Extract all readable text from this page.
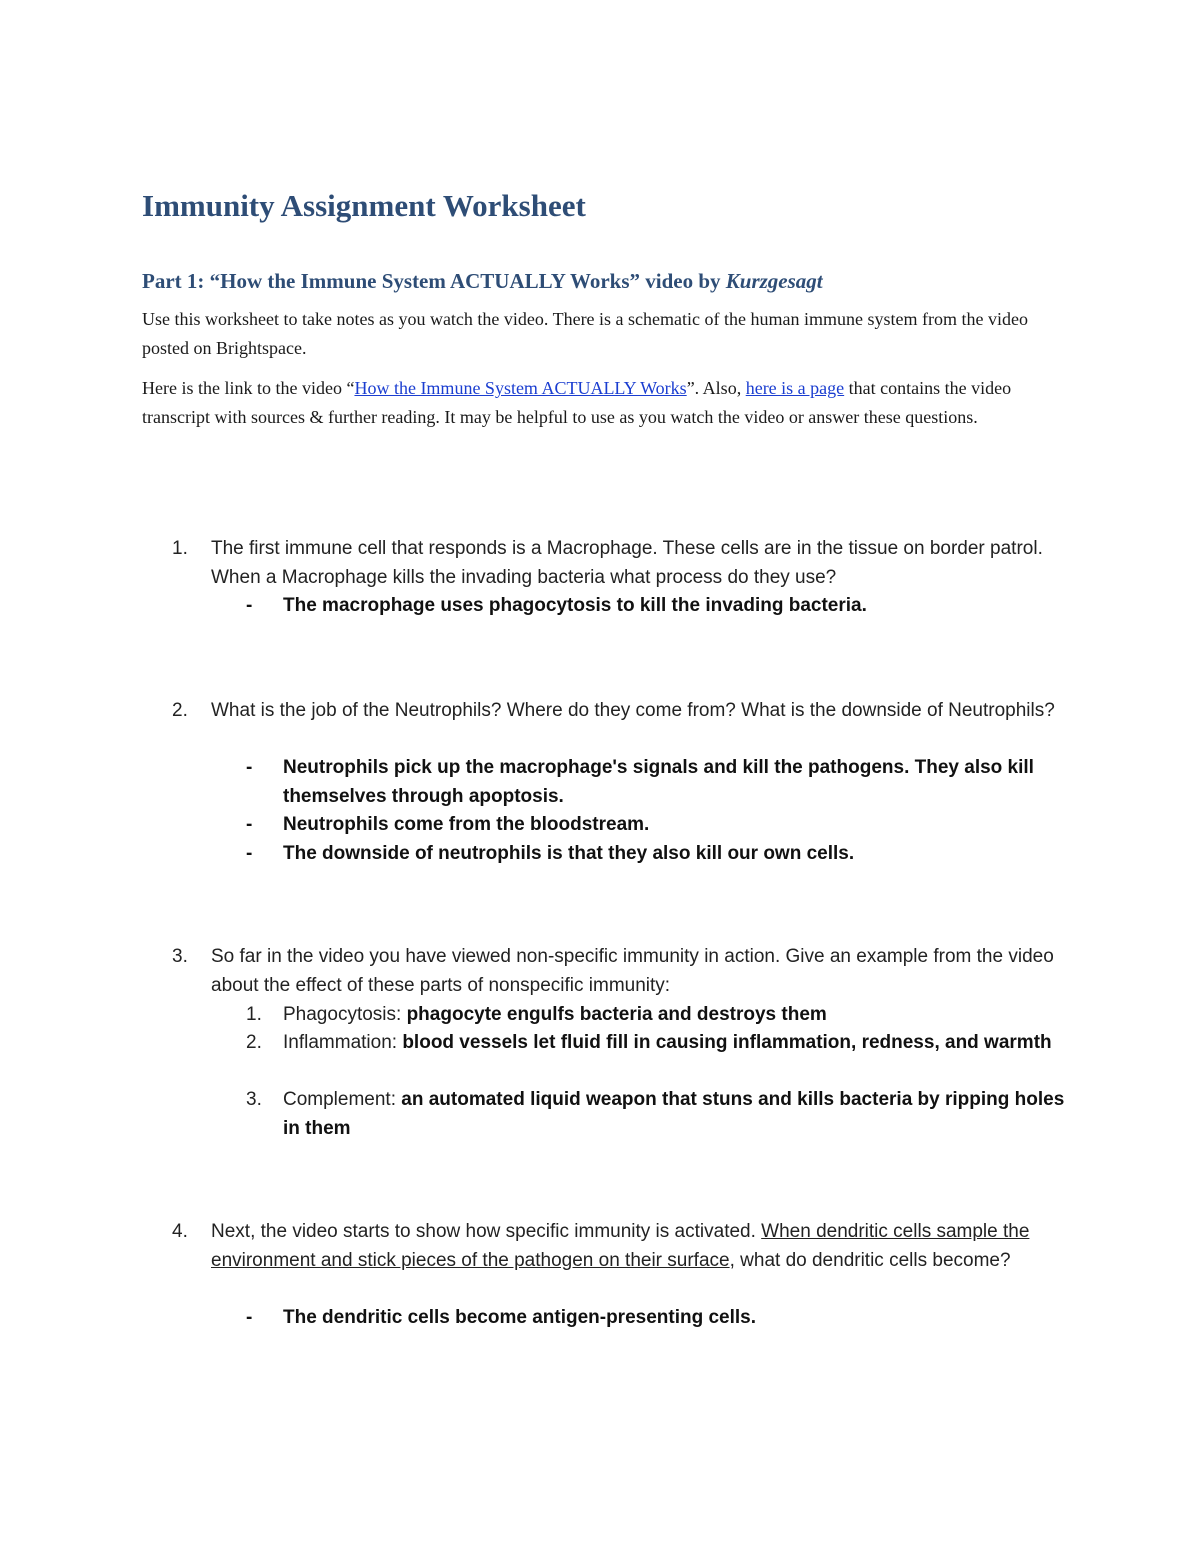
Immunity Assignment Worksheet
Part 1: “How the Immune System ACTUALLY Works” video by Kurzgesagt

Use this worksheet to take notes as you watch the video. There is a schematic of the human immune system from the video posted on Brightspace.

Here is the link to the video “How the Immune System ACTUALLY Works”. Also, here is a page that contains the video transcript with sources & further reading. It may be helpful to use as you watch the video or answer these questions.

1. The first immune cell that responds is a Macrophage. These cells are in the tissue on border patrol. When a Macrophage kills the invading bacteria what process do they use?

- The macrophage uses phagocytosis to kill the invading bacteria.

2. What is the job of the Neutrophils? Where do they come from? What is the downside of Neutrophils?

- Neutrophils pick up the macrophage's signals and kill the pathogens. They also kill themselves through apoptosis.

- Neutrophils come from the bloodstream.

- The downside of neutrophils is that they also kill our own cells.

3. So far in the video you have viewed non-specific immunity in action. Give an example from the video about the effect of these parts of nonspecific immunity:

1. Phagocytosis: phagocyte engulfs bacteria and destroys them

2. Inflammation: blood vessels let fluid fill in causing inflammation, redness, and warmth

3. Complement: an automated liquid weapon that stuns and kills bacteria by ripping holes in them

4. Next, the video starts to show how specific immunity is activated. When dendritic cells sample the environment and stick pieces of the pathogen on their surface, what do dendritic cells become?

- The dendritic cells become antigen-presenting cells.
